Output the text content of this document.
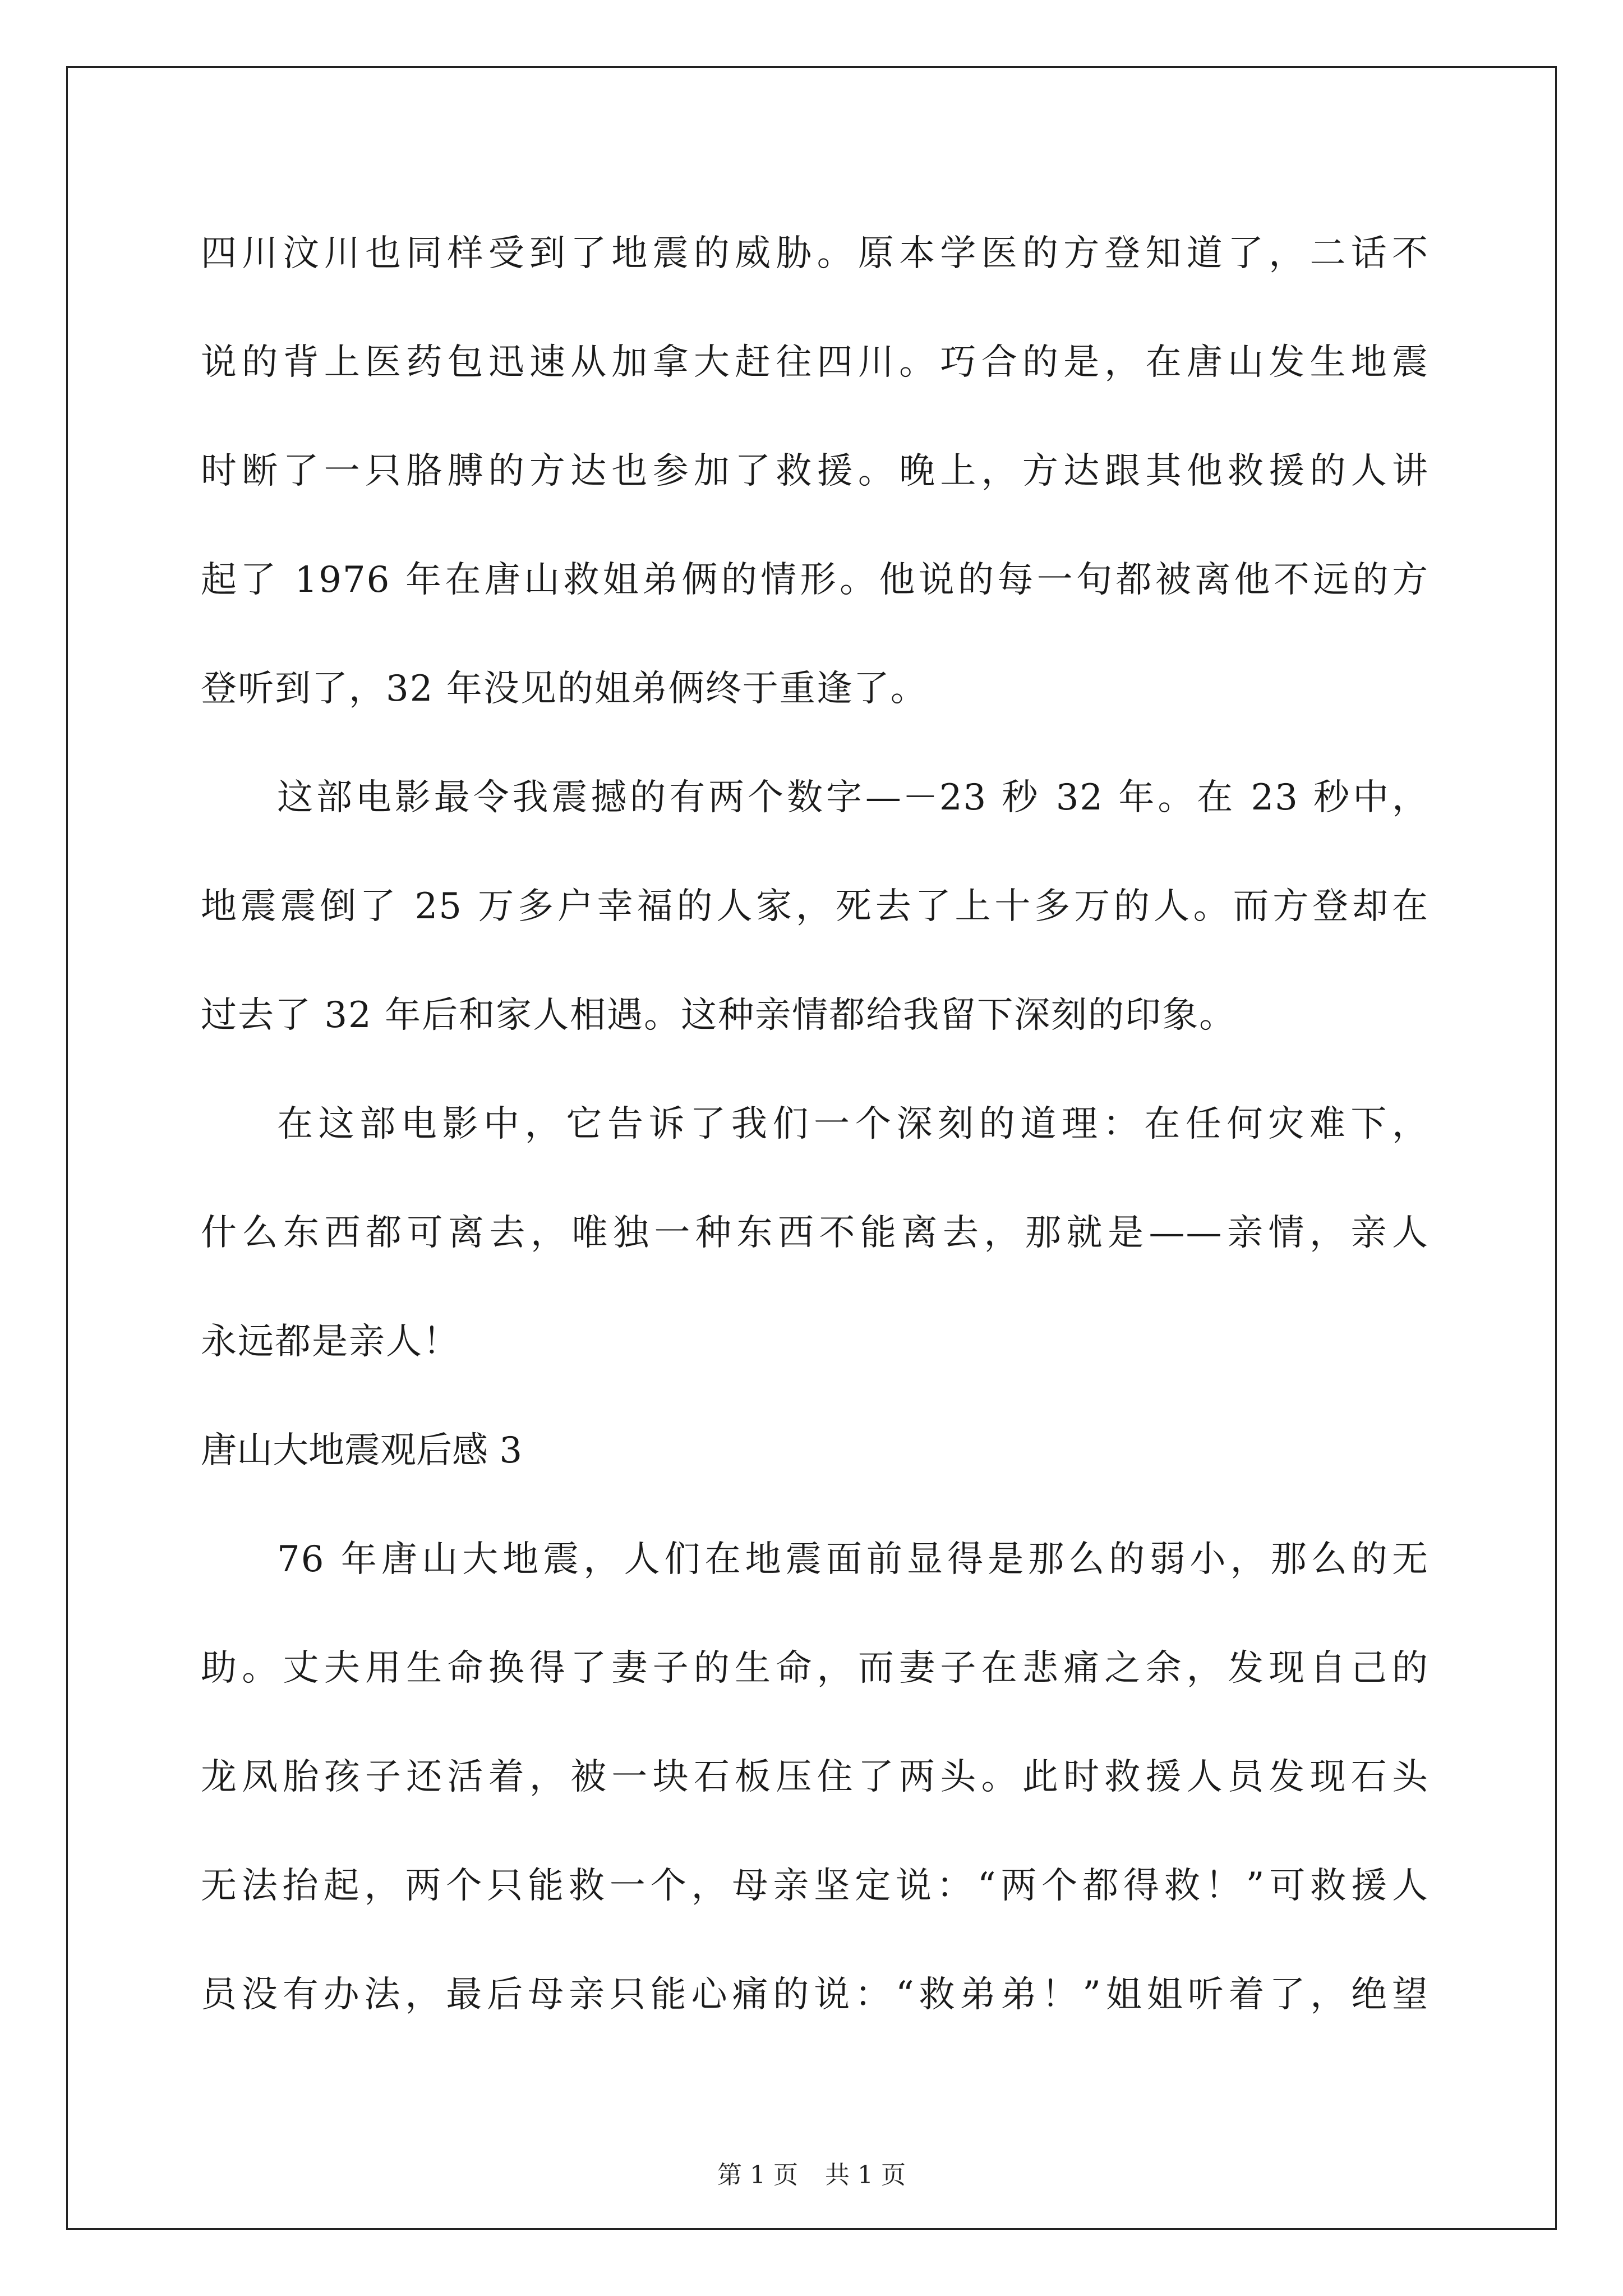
四川汶川也同样受到了地震的威胁。原本学医的方登知道了，二话不
说的背上医药包迅速从加拿大赶往四川。巧合的是，在唐山发生地震
时断了一只胳膊的方达也参加了救援。晚上，方达跟其他救援的人讲
起了 1976 年在唐山救姐弟俩的情形。他说的每一句都被离他不远的方
登听到了，32 年没见的姐弟俩终于重逢了。
这部电影最令我震撼的有两个数字—－23 秒 32 年。在 23 秒中，
地震震倒了 25 万多户幸福的人家，死去了上十多万的人。而方登却在
过去了 32 年后和家人相遇。这种亲情都给我留下深刻的印象。
在这部电影中，它告诉了我们一个深刻的道理：在任何灾难下，
什么东西都可离去，唯独一种东西不能离去，那就是——亲情，亲人
永远都是亲人！
唐山大地震观后感 3
76 年唐山大地震，人们在地震面前显得是那么的弱小，那么的无
助。丈夫用生命换得了妻子的生命，而妻子在悲痛之余，发现自己的
龙凤胎孩子还活着，被一块石板压住了两头。此时救援人员发现石头
无法抬起，两个只能救一个，母亲坚定说：“两个都得救！”可救援人
员没有办法，最后母亲只能心痛的说：“救弟弟！”姐姐听着了，绝望
第 1 页 共 1 页
